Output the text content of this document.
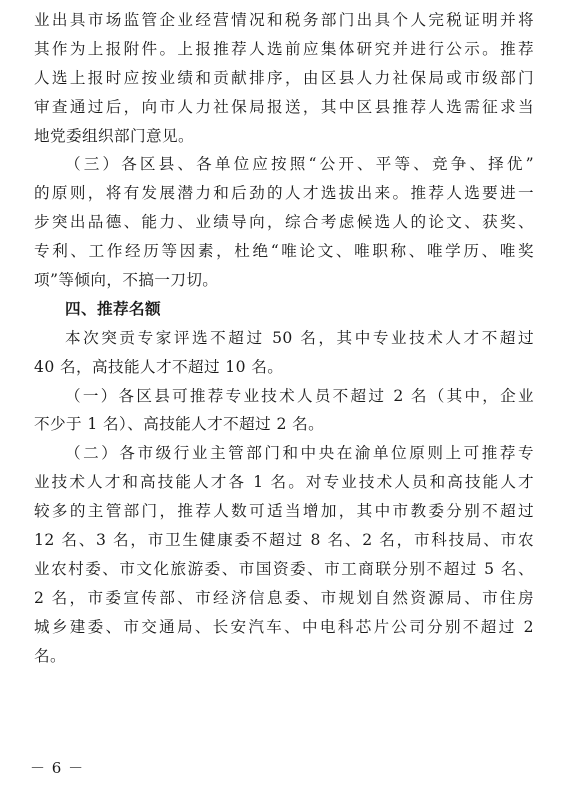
业出具市场监管企业经营情况和税务部门出具个人完税证明并将
其作为上报附件。上报推荐人选前应集体研究并进行公示。推荐
人选上报时应按业绩和贡献排序，由区县人力社保局或市级部门
审查通过后，向市人力社保局报送，其中区县推荐人选需征求当
地党委组织部门意见。
（三）各区县、各单位应按照“公开、平等、竞争、择优”
的原则，将有发展潜力和后劲的人才选拔出来。推荐人选要进一
步突出品德、能力、业绩导向，综合考虑候选人的论文、获奖、
专利、工作经历等因素，杜绝“唯论文、唯职称、唯学历、唯奖
项”等倾向，不搞一刀切。
四、推荐名额
本次突贡专家评选不超过 50 名，其中专业技术人才不超过
40 名，高技能人才不超过 10 名。
（一）各区县可推荐专业技术人员不超过 2 名（其中，企业
不少于 1 名）、高技能人才不超过 2 名。
（二）各市级行业主管部门和中央在渝单位原则上可推荐专
业技术人才和高技能人才各 1 名。对专业技术人员和高技能人才
较多的主管部门，推荐人数可适当增加，其中市教委分别不超过
12 名、3 名，市卫生健康委不超过 8 名、2 名，市科技局、市农
业农村委、市文化旅游委、市国资委、市工商联分别不超过 5 名、
2 名，市委宣传部、市经济信息委、市规划自然资源局、市住房
城乡建委、市交通局、长安汽车、中电科芯片公司分别不超过 2
名。
－ 6 －
